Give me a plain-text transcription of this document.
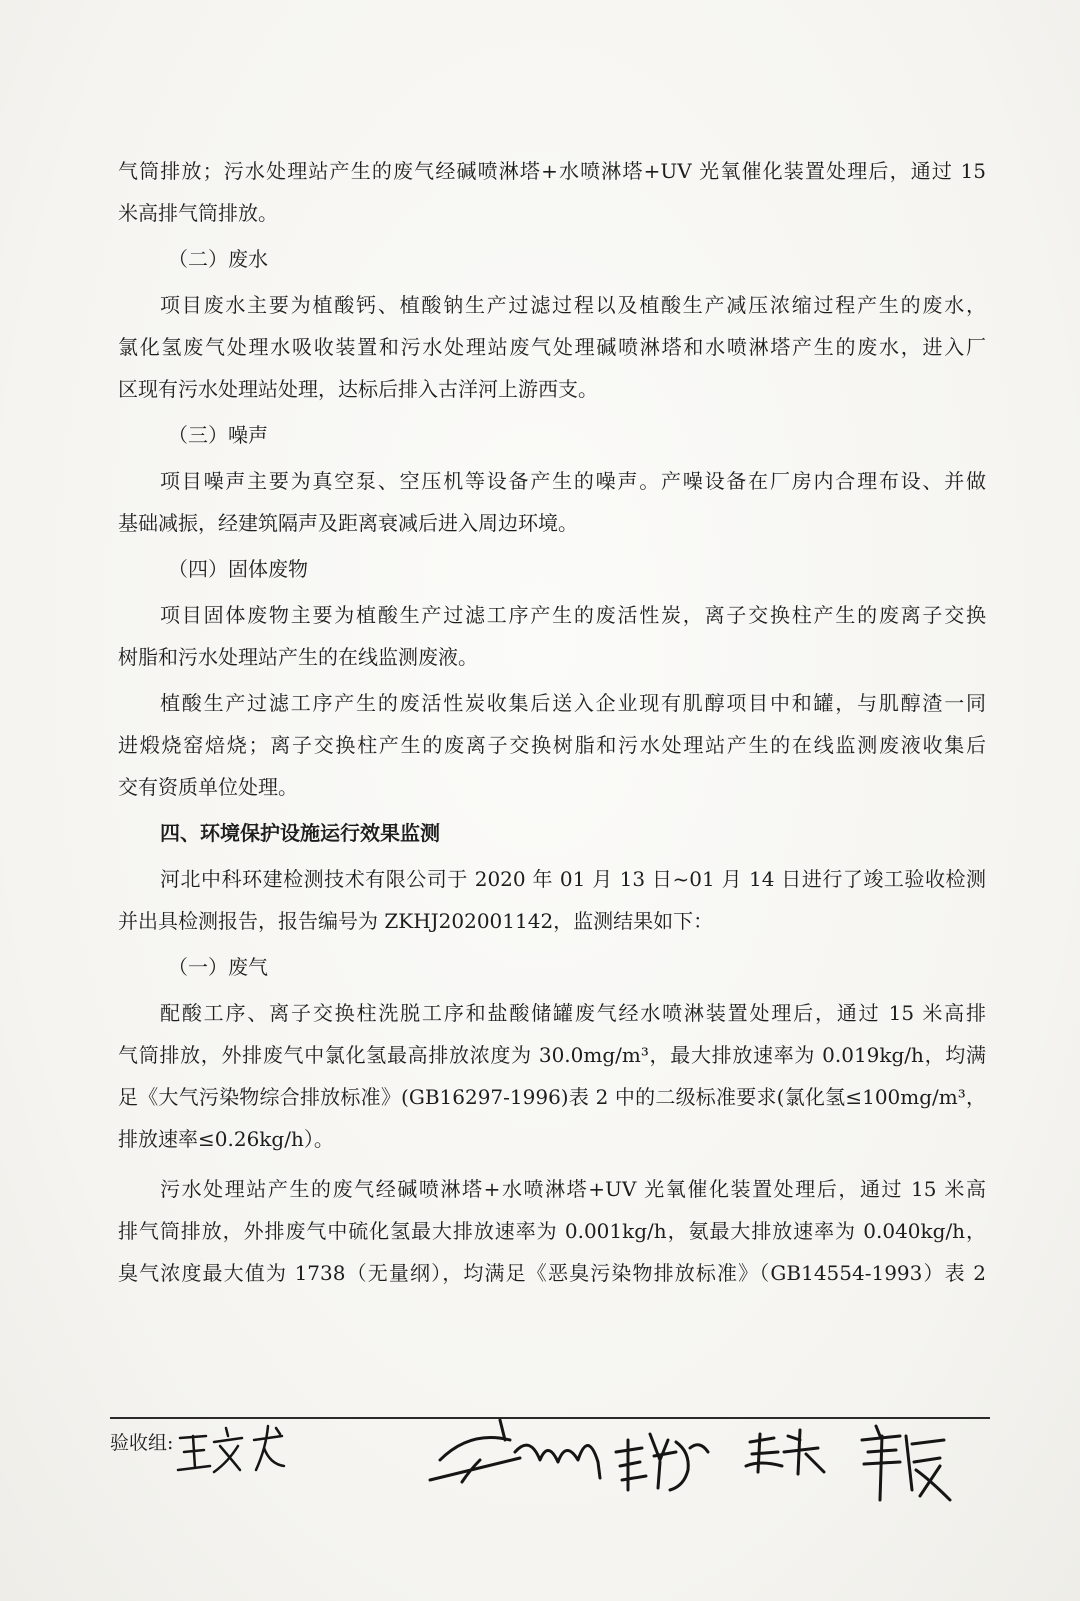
气筒排放；污水处理站产生的废气经碱喷淋塔+水喷淋塔+UV 光氧催化装置处理后，通过 15
米高排气筒排放。
（二）废水
项目废水主要为植酸钙、植酸钠生产过滤过程以及植酸生产减压浓缩过程产生的废水，
氯化氢废气处理水吸收装置和污水处理站废气处理碱喷淋塔和水喷淋塔产生的废水，进入厂
区现有污水处理站处理，达标后排入古洋河上游西支。
（三）噪声
项目噪声主要为真空泵、空压机等设备产生的噪声。产噪设备在厂房内合理布设、并做
基础减振，经建筑隔声及距离衰减后进入周边环境。
（四）固体废物
项目固体废物主要为植酸生产过滤工序产生的废活性炭，离子交换柱产生的废离子交换
树脂和污水处理站产生的在线监测废液。
植酸生产过滤工序产生的废活性炭收集后送入企业现有肌醇项目中和罐，与肌醇渣一同
进煅烧窑焙烧；离子交换柱产生的废离子交换树脂和污水处理站产生的在线监测废液收集后
交有资质单位处理。
四、环境保护设施运行效果监测
河北中科环建检测技术有限公司于 2020 年 01 月 13 日~01 月 14 日进行了竣工验收检测
并出具检测报告，报告编号为 ZKHJ202001142，监测结果如下：
（一）废气
配酸工序、离子交换柱洗脱工序和盐酸储罐废气经水喷淋装置处理后，通过 15 米高排
气筒排放，外排废气中氯化氢最高排放浓度为 30.0mg/m³，最大排放速率为 0.019kg/h，均满
足《大气污染物综合排放标准》(GB16297-1996)表 2 中的二级标准要求(氯化氢≤100mg/m³，
排放速率≤0.26kg/h）。
污水处理站产生的废气经碱喷淋塔+水喷淋塔+UV 光氧催化装置处理后，通过 15 米高
排气筒排放，外排废气中硫化氢最大排放速率为 0.001kg/h，氨最大排放速率为 0.040kg/h，
臭气浓度最大值为 1738（无量纲），均满足《恶臭污染物排放标准》（GB14554-1993）表 2
验收组:
